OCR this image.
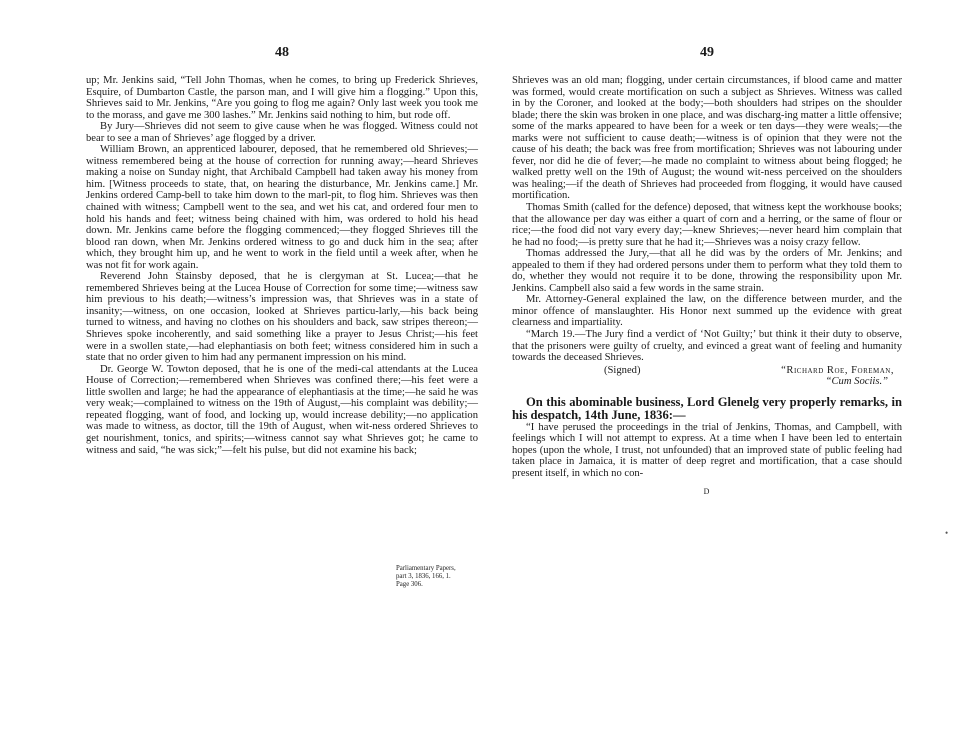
48

up; Mr. Jenkins said, “Tell John Thomas, when he comes, to bring up Frederick Shrieves, Esquire, of Dumbarton Castle, the parson man, and I will give him a flogging.” Upon this, Shrieves said to Mr. Jenkins, “Are you going to flog me again? Only last week you took me to the morass, and gave me 300 lashes.” Mr. Jenkins said nothing to him, but rode off.

By Jury—Shrieves did not seem to give cause when he was flogged. Witness could not bear to see a man of Shrieves’ age flogged by a driver.

William Brown, an apprenticed labourer, deposed, that he remembered old Shrieves;—witness remembered being at the house of correction for running away;—heard Shrieves making a noise on Sunday night, that Archibald Campbell had taken away his money from him. [Witness proceeds to state, that, on hearing the disturbance, Mr. Jenkins came.] Mr. Jenkins ordered Camp-bell to take him down to the marl-pit, to flog him. Shrieves was then chained with witness; Campbell went to the sea, and wet his cat, and ordered four men to hold his hands and feet; witness being chained with him, was ordered to hold his head down. Mr. Jenkins came before the flogging commenced;—they flogged Shrieves till the blood ran down, when Mr. Jenkins ordered witness to go and duck him in the sea; after which, they brought him up, and he went to work in the field until a week after, when he was not fit for work again.

Reverend John Stainsby deposed, that he is clergyman at St. Lucea;—that he remembered Shrieves being at the Lucea House of Correction for some time;—witness saw him previous to his death;—witness’s impression was, that Shrieves was in a state of insanity;—witness, on one occasion, looked at Shrieves particu-larly,—his back being turned to witness, and having no clothes on his shoulders and back, saw stripes thereon;—Shrieves spoke incoherently, and said something like a prayer to Jesus Christ;—his feet were in a swollen state,—had elephantiasis on both feet; witness considered him in such a state that no order given to him had any permanent impression on his mind.

Dr. George W. Towton deposed, that he is one of the medi-cal attendants at the Lucea House of Correction;—remembered when Shrieves was confined there;—his feet were a little swollen and large; he had the appearance of elephantiasis at the time;—he said he was very weak;—complained to witness on the 19th of August,—his complaint was debility;—repeated flogging, want of food, and locking up, would increase debility;—no application was made to witness, as doctor, till the 19th of August, when wit-ness ordered Shrieves to get nourishment, tonics, and spirits;—witness cannot say what Shrieves got; he came to witness and said, “he was sick;”—felt his pulse, but did not examine his back;

49

Shrieves was an old man; flogging, under certain circumstances, if blood came and matter was formed, would create mortification on such a subject as Shrieves. Witness was called in by the Coroner, and looked at the body;—both shoulders had stripes on the shoulder blade; there the skin was broken in one place, and was discharg-ing matter a little offensive; some of the marks appeared to have been for a week or ten days—they were weals;—the marks were not sufficient to cause death;—witness is of opinion that they were not the cause of his death; the back was free from mortification; Shrieves was not labouring under fever, nor did he die of fever;—he made no complaint to witness about being flogged; he walked pretty well on the 19th of August; the wound wit-ness perceived on the shoulders was healing;—if the death of Shrieves had proceeded from flogging, it would have caused mortification.

Thomas Smith (called for the defence) deposed, that witness kept the workhouse books; that the allowance per day was either a quart of corn and a herring, or the same of flour or rice;—the food did not vary every day;—knew Shrieves;—never heard him complain that he had no food;—is pretty sure that he had it;—Shrieves was a noisy crazy fellow.

Thomas addressed the Jury,—that all he did was by the orders of Mr. Jenkins; and appealed to them if they had ordered persons under them to perform what they told them to do, whether they would not require it to be done, throwing the responsibility upon Mr. Jenkins. Campbell also said a few words in the same strain.

Mr. Attorney-General explained the law, on the difference between murder, and the minor offence of manslaughter. His Honor next summed up the evidence with great clearness and impartiality.

“March 19.—The Jury find a verdict of ‘Not Guilty;’ but think it their duty to observe, that the prisoners were guilty of cruelty, and evinced a great want of feeling and humanity towards the deceased Shrieves.

(Signed)	“Richard Roe, Foreman,
“Cum Sociis.”
On this abominable business, Lord Glenelg very properly remarks, in his despatch, 14th June, 1836:—

“I have perused the proceedings in the trial of Jenkins, Thomas, and Campbell, with feelings which I will not attempt to express. At a time when I have been led to entertain hopes (upon the whole, I trust, not unfounded) that an improved state of public feeling had taken place in Jamaica, it is matter of deep regret and mortification, that a case should present itself, in which no con-

D
Parliamentary Papers, part 3, 1836, 166, 1. Page 306.
•
